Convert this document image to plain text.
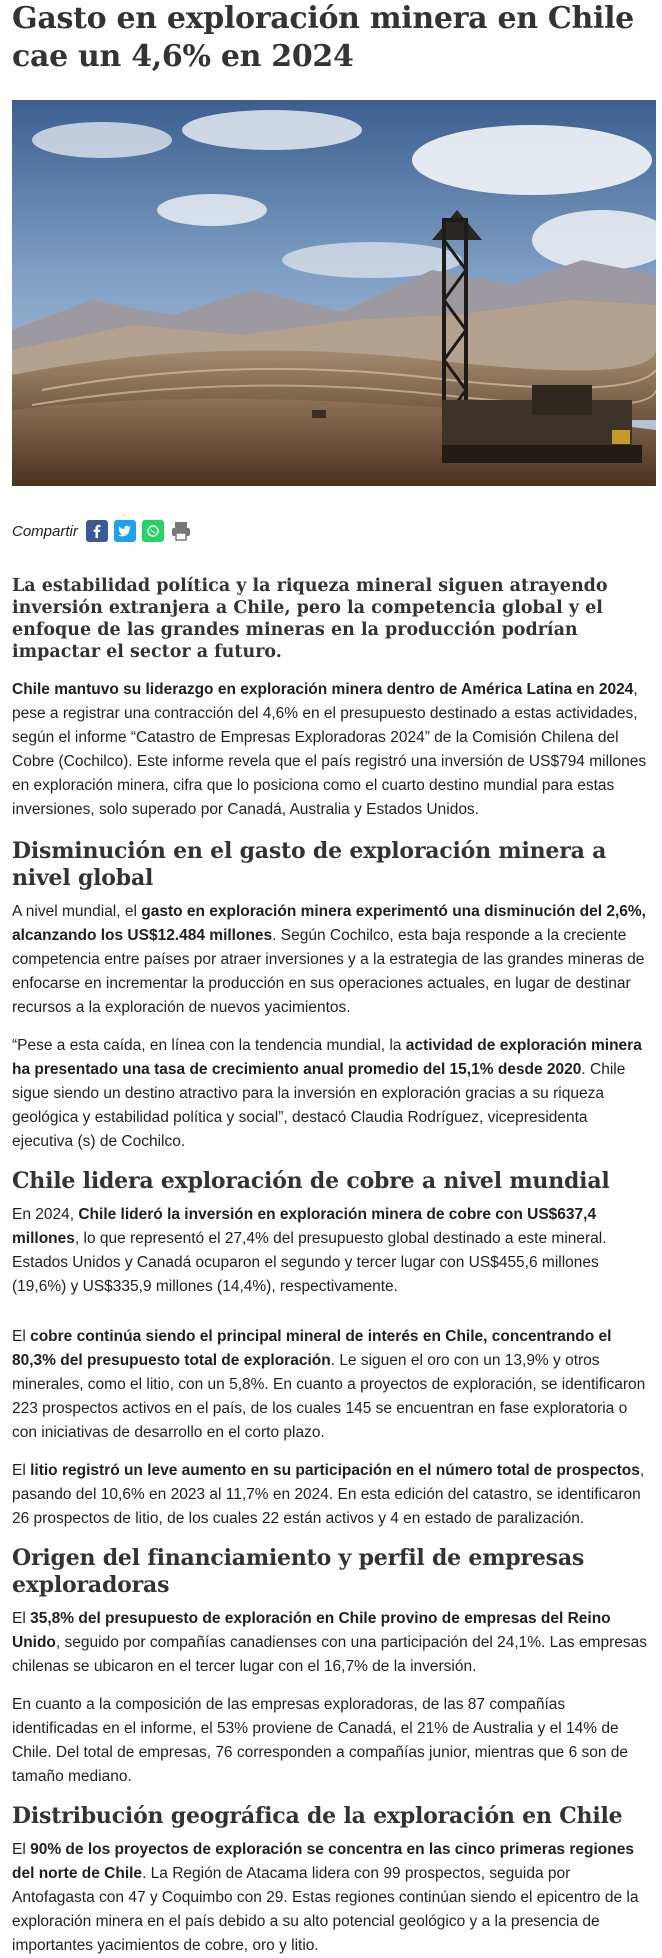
Gasto en exploración minera en Chile cae un 4,6% en 2024
Compartir
La estabilidad política y la riqueza mineral siguen atrayendo inversión extranjera a Chile, pero la competencia global y el enfoque de las grandes mineras en la producción podrían impactar el sector a futuro.

Chile mantuvo su liderazgo en exploración minera dentro de América Latina en 2024, pese a registrar una contracción del 4,6% en el presupuesto destinado a estas actividades, según el informe “Catastro de Empresas Exploradoras 2024” de la Comisión Chilena del Cobre (Cochilco). Este informe revela que el país registró una inversión de US$794 millones en exploración minera, cifra que lo posiciona como el cuarto destino mundial para estas inversiones, solo superado por Canadá, Australia y Estados Unidos.

Disminución en el gasto de exploración minera a nivel global

A nivel mundial, el gasto en exploración minera experimentó una disminución del 2,6%, alcanzando los US$12.484 millones. Según Cochilco, esta baja responde a la creciente competencia entre países por atraer inversiones y a la estrategia de las grandes mineras de enfocarse en incrementar la producción en sus operaciones actuales, en lugar de destinar recursos a la exploración de nuevos yacimientos.

“Pese a esta caída, en línea con la tendencia mundial, la actividad de exploración minera ha presentado una tasa de crecimiento anual promedio del 15,1% desde 2020. Chile sigue siendo un destino atractivo para la inversión en exploración gracias a su riqueza geológica y estabilidad política y social”, destacó Claudia Rodríguez, vicepresidenta ejecutiva (s) de Cochilco.

Chile lidera exploración de cobre a nivel mundial

En 2024, Chile lideró la inversión en exploración minera de cobre con US$637,4 millones, lo que representó el 27,4% del presupuesto global destinado a este mineral. Estados Unidos y Canadá ocuparon el segundo y tercer lugar con US$455,6 millones (19,6%) y US$335,9 millones (14,4%), respectivamente.

El cobre continúa siendo el principal mineral de interés en Chile, concentrando el 80,3% del presupuesto total de exploración. Le siguen el oro con un 13,9% y otros minerales, como el litio, con un 5,8%. En cuanto a proyectos de exploración, se identificaron 223 prospectos activos en el país, de los cuales 145 se encuentran en fase exploratoria o con iniciativas de desarrollo en el corto plazo.

El litio registró un leve aumento en su participación en el número total de prospectos, pasando del 10,6% en 2023 al 11,7% en 2024. En esta edición del catastro, se identificaron 26 prospectos de litio, de los cuales 22 están activos y 4 en estado de paralización.

Origen del financiamiento y perfil de empresas exploradoras

El 35,8% del presupuesto de exploración en Chile provino de empresas del Reino Unido, seguido por compañías canadienses con una participación del 24,1%. Las empresas chilenas se ubicaron en el tercer lugar con el 16,7% de la inversión.

En cuanto a la composición de las empresas exploradoras, de las 87 compañías identificadas en el informe, el 53% proviene de Canadá, el 21% de Australia y el 14% de Chile. Del total de empresas, 76 corresponden a compañías junior, mientras que 6 son de tamaño mediano.

Distribución geográfica de la exploración en Chile

El 90% de los proyectos de exploración se concentra en las cinco primeras regiones del norte de Chile. La Región de Atacama lidera con 99 prospectos, seguida por Antofagasta con 47 y Coquimbo con 29. Estas regiones continúan siendo el epicentro de la exploración minera en el país debido a su alto potencial geológico y a la presencia de importantes yacimientos de cobre, oro y litio.
